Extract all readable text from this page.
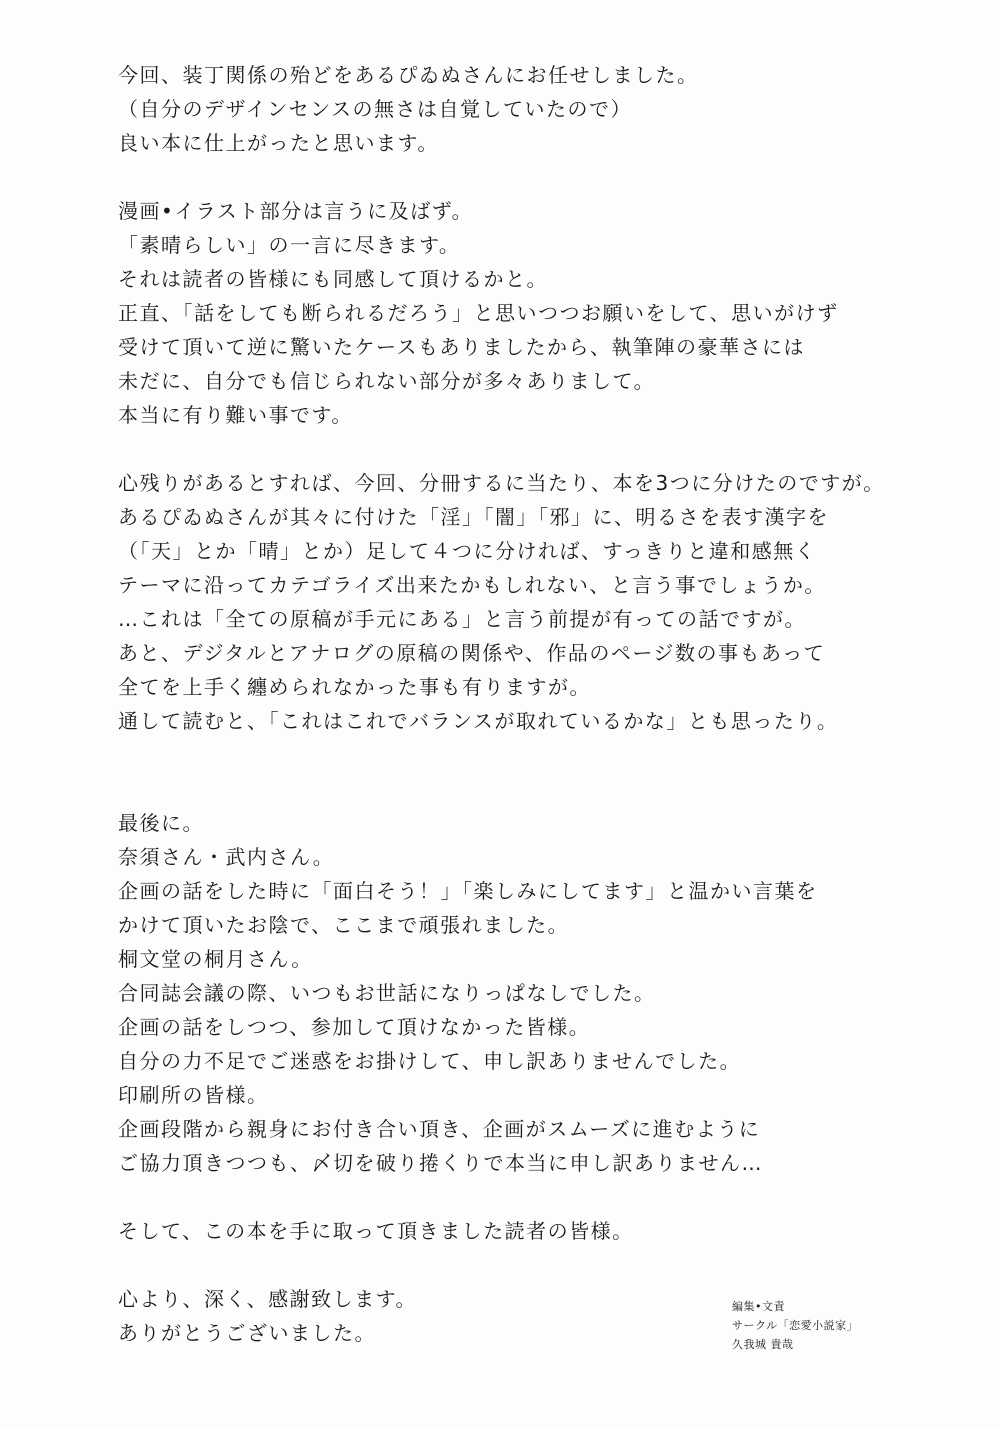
今回、装丁関係の殆どをあるぴゐぬさんにお任せしました。
（自分のデザインセンスの無さは自覚していたので）
良い本に仕上がったと思います。
漫画•イラスト部分は言うに及ばず。
「素晴らしい」の一言に尽きます。
それは読者の皆様にも同感して頂けるかと。
正直、「話をしても断られるだろう」と思いつつお願いをして、思いがけず
受けて頂いて逆に驚いたケースもありましたから、執筆陣の豪華さには
未だに、自分でも信じられない部分が多々ありまして。
本当に有り難い事です。
心残りがあるとすれば、今回、分冊するに当たり、本を3つに分けたのですが。
あるぴゐぬさんが其々に付けた「淫」「闇」「邪」に、明るさを表す漢字を
（「天」とか「晴」とか）足して４つに分ければ、すっきりと違和感無く
テーマに沿ってカテゴライズ出来たかもしれない、と言う事でしょうか。
…これは「全ての原稿が手元にある」と言う前提が有っての話ですが。
あと、デジタルとアナログの原稿の関係や、作品のページ数の事もあって
全てを上手く纏められなかった事も有りますが。
通して読むと、「これはこれでバランスが取れているかな」とも思ったり。
最後に。
奈須さん・武内さん。
企画の話をした時に「面白そう！」「楽しみにしてます」と温かい言葉を
かけて頂いたお陰で、ここまで頑張れました。
桐文堂の桐月さん。
合同誌会議の際、いつもお世話になりっぱなしでした。
企画の話をしつつ、参加して頂けなかった皆様。
自分の力不足でご迷惑をお掛けして、申し訳ありませんでした。
印刷所の皆様。
企画段階から親身にお付き合い頂き、企画がスムーズに進むように
ご協力頂きつつも、〆切を破り捲くりで本当に申し訳ありません…
そして、この本を手に取って頂きました読者の皆様。
心より、深く、感謝致します。
ありがとうございました。
編集•文責
サークル「恋愛小説家」
久我城 貴哉
